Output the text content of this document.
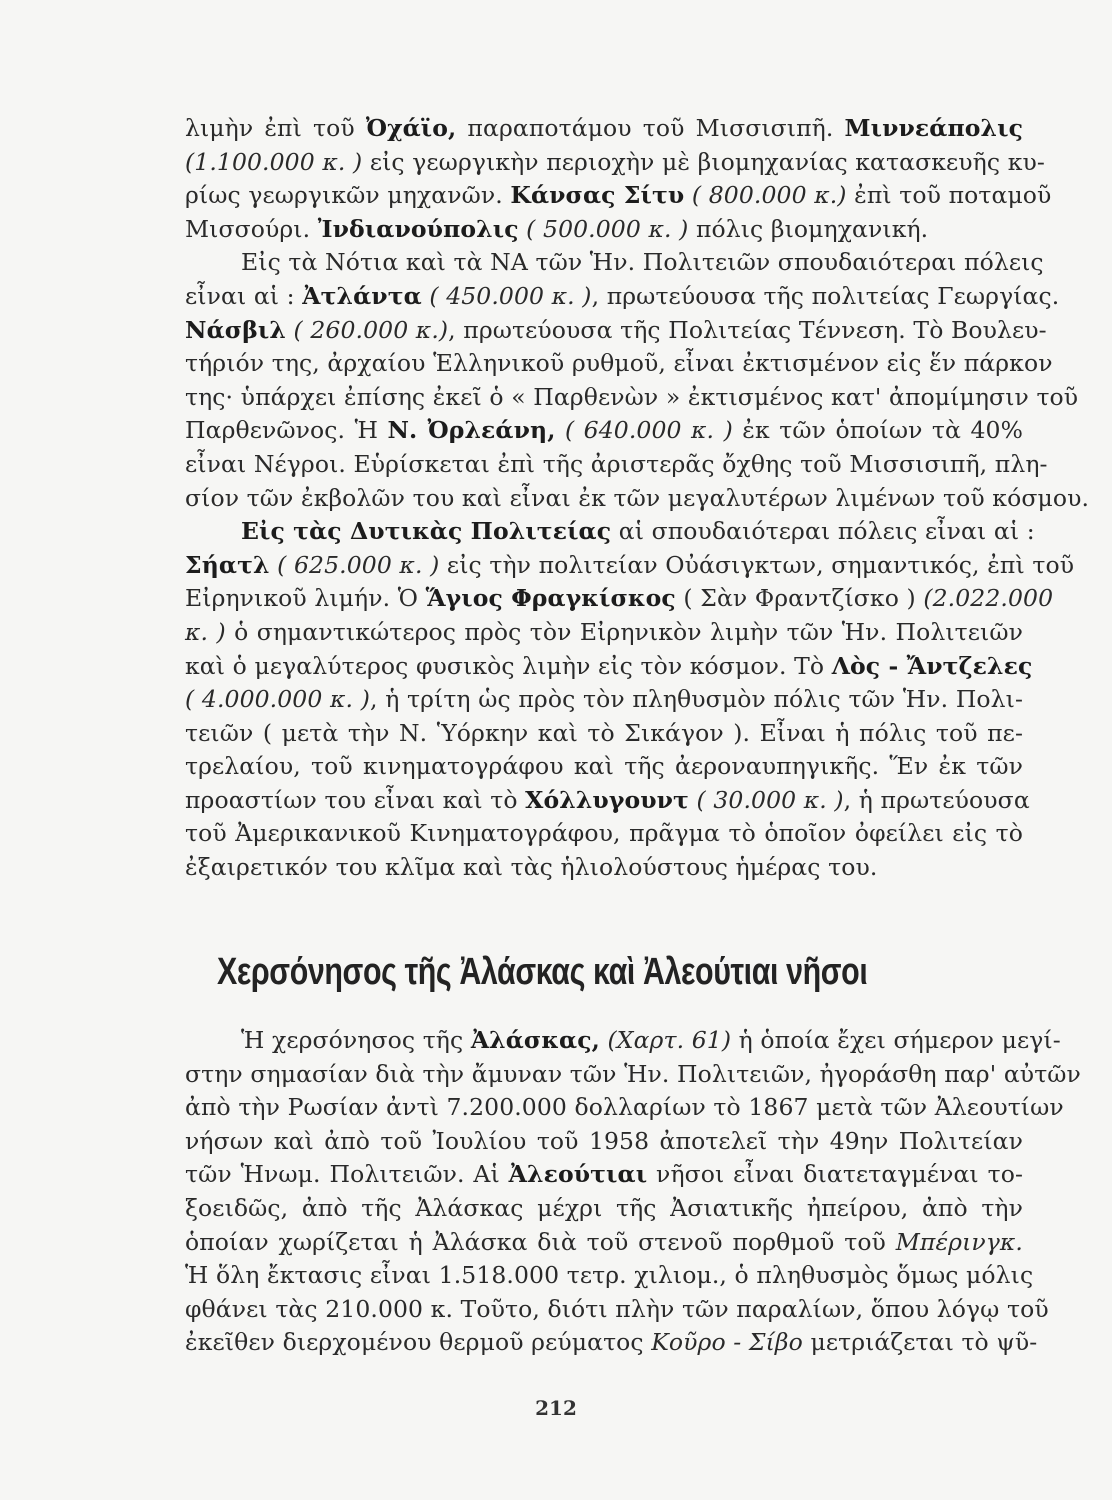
λιμὴν ἐπὶ τοῦ Ὀχάϊο, παραποτάμου τοῦ Μισσισιπῆ. Μιννεάπολις
(1.100.000 κ. ) εἰς γεωργικὴν περιοχὴν μὲ βιομηχανίας κατασκευῆς κυ-
ρίως γεωργικῶν μηχανῶν. Κάνσας Σίτυ ( 800.000 κ.) ἐπὶ τοῦ ποταμοῦ
Μισσούρι. Ἰνδιανούπολις ( 500.000 κ. ) πόλις βιομηχανική.
Εἰς τὰ Νότια καὶ τὰ ΝΑ τῶν Ἡν. Πολιτειῶν σπουδαιότεραι πόλεις
εἶναι αἱ : Ἀτλάντα ( 450.000 κ. ), πρωτεύουσα τῆς πολιτείας Γεωργίας.
Νάσβιλ ( 260.000 κ.), πρωτεύουσα τῆς Πολιτείας Τέννεση. Τὸ Βουλευ-
τήριόν της, ἀρχαίου Ἑλληνικοῦ ρυθμοῦ, εἶναι ἐκτισμένον εἰς ἕν πάρκον
της· ὑπάρχει ἐπίσης ἐκεῖ ὁ « Παρθενὼν » ἐκτισμένος κατ' ἀπομίμησιν τοῦ
Παρθενῶνος. Ἡ Ν. Ὀρλεάνη, ( 640.000 κ. ) ἐκ τῶν ὁποίων τὰ 40%
εἶναι Νέγροι. Εὑρίσκεται ἐπὶ τῆς ἀριστερᾶς ὄχθης τοῦ Μισσισιπῆ, πλη-
σίον τῶν ἐκβολῶν του καὶ εἶναι ἐκ τῶν μεγαλυτέρων λιμένων τοῦ κόσμου.
Εἰς τὰς Δυτικὰς Πολιτείας αἱ σπουδαιότεραι πόλεις εἶναι αἱ :
Σήατλ ( 625.000 κ. ) εἰς τὴν πολιτείαν Οὐάσιγκτων, σημαντικός, ἐπὶ τοῦ
Εἰρηνικοῦ λιμήν. Ὁ Ἅγιος Φραγκίσκος ( Σὰν Φραντζίσκο ) (2.022.000
κ. ) ὁ σημαντικώτερος πρὸς τὸν Εἰρηνικὸν λιμὴν τῶν Ἡν. Πολιτειῶν
καὶ ὁ μεγαλύτερος φυσικὸς λιμὴν εἰς τὸν κόσμον. Τὸ Λὸς - Ἄντζελες
( 4.000.000 κ. ), ἡ τρίτη ὡς πρὸς τὸν πληθυσμὸν πόλις τῶν Ἡν. Πολι-
τειῶν ( μετὰ τὴν Ν. Ὑόρκην καὶ τὸ Σικάγον ). Εἶναι ἡ πόλις τοῦ πε-
τρελαίου, τοῦ κινηματογράφου καὶ τῆς ἀεροναυπηγικῆς. Ἕν ἐκ τῶν
προαστίων του εἶναι καὶ τὸ Χόλλυγουντ ( 30.000 κ. ), ἡ πρωτεύουσα
τοῦ Ἀμερικανικοῦ Κινηματογράφου, πρᾶγμα τὸ ὁποῖον ὀφείλει εἰς τὸ
ἐξαιρετικόν του κλῖμα καὶ τὰς ἡλιολούστους ἡμέρας του.
Χερσόνησος τῆς Ἀλάσκας καὶ Ἀλεούτιαι νῆσοι
Ἡ χερσόνησος τῆς Ἀλάσκας, (Χαρτ. 61) ἡ ὁποία ἔχει σήμερον μεγί-
στην σημασίαν διὰ τὴν ἄμυναν τῶν Ἡν. Πολιτειῶν, ἠγοράσθη παρ' αὐτῶν
ἀπὸ τὴν Ρωσίαν ἀντὶ 7.200.000 δολλαρίων τὸ 1867 μετὰ τῶν Ἀλεουτίων
νήσων καὶ ἀπὸ τοῦ Ἰουλίου τοῦ 1958 ἀποτελεῖ τὴν 49ην Πολιτείαν
τῶν Ἡνωμ. Πολιτειῶν. Αἱ Ἀλεούτιαι νῆσοι εἶναι διατεταγμέναι το-
ξοειδῶς, ἀπὸ τῆς Ἀλάσκας μέχρι τῆς Ἀσιατικῆς ἠπείρου, ἀπὸ τὴν
ὁποίαν χωρίζεται ἡ Ἀλάσκα διὰ τοῦ στενοῦ πορθμοῦ τοῦ Μπέρινγκ.
Ἡ ὅλη ἔκτασις εἶναι 1.518.000 τετρ. χιλιομ., ὁ πληθυσμὸς ὅμως μόλις
φθάνει τὰς 210.000 κ. Τοῦτο, διότι πλὴν τῶν παραλίων, ὅπου λόγῳ τοῦ
ἐκεῖθεν διερχομένου θερμοῦ ρεύματος Κοῦρο - Σίβο μετριάζεται τὸ ψῦ-
212
